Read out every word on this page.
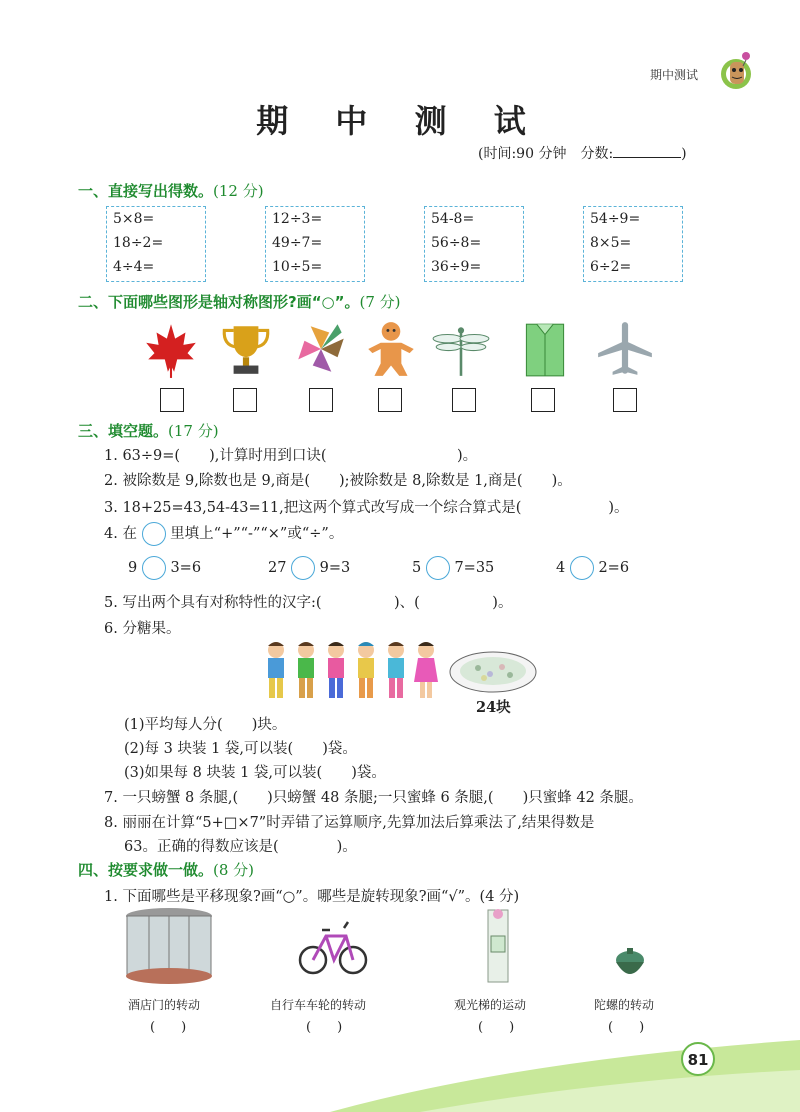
期中测试
期 中 测 试
(时间:90 分钟　分数:	)
一、直接写出得数。(12 分)
5×8=
18÷2=
4÷4=
12÷3=
49÷7=
10÷5=
54-8=
56÷8=
36÷9=
54÷9=
8×5=
6÷2=
二、下面哪些图形是轴对称图形?画“○”。(7 分)
三、填空题。(17 分)
1. 63÷9=(　　),计算时用到口诀(　　　　　　　　　)。
2. 被除数是 9,除数也是 9,商是(　　);被除数是 8,除数是 1,商是(　　)。
3. 18+25=43,54-43=11,把这两个算式改写成一个综合算式是(　　　　　　)。
4. 在 里填上“+”“-”“×”或“÷”。
9 3=6	27 9=3	5 7=35	4 2=6
5. 写出两个具有对称特性的汉字:(　　　　　)、(　　　　　)。
6. 分糖果。
24块
(1)平均每人分(　　)块。
(2)每 3 块装 1 袋,可以装(　　)袋。
(3)如果每 8 块装 1 袋,可以装(　　)袋。
7. 一只螃蟹 8 条腿,(　　)只螃蟹 48 条腿;一只蜜蜂 6 条腿,(　　)只蜜蜂 42 条腿。
8. 丽丽在计算“5+□×7”时弄错了运算顺序,先算加法后算乘法了,结果得数是
63。正确的得数应该是(　　　　)。
四、按要求做一做。(8 分)
1. 下面哪些是平移现象?画“○”。哪些是旋转现象?画“√”。(4 分)
酒店门的转动	自行车车轮的转动	观光梯的运动	陀螺的转动
(　　)	(　　)	(　　)	(　　)
81
